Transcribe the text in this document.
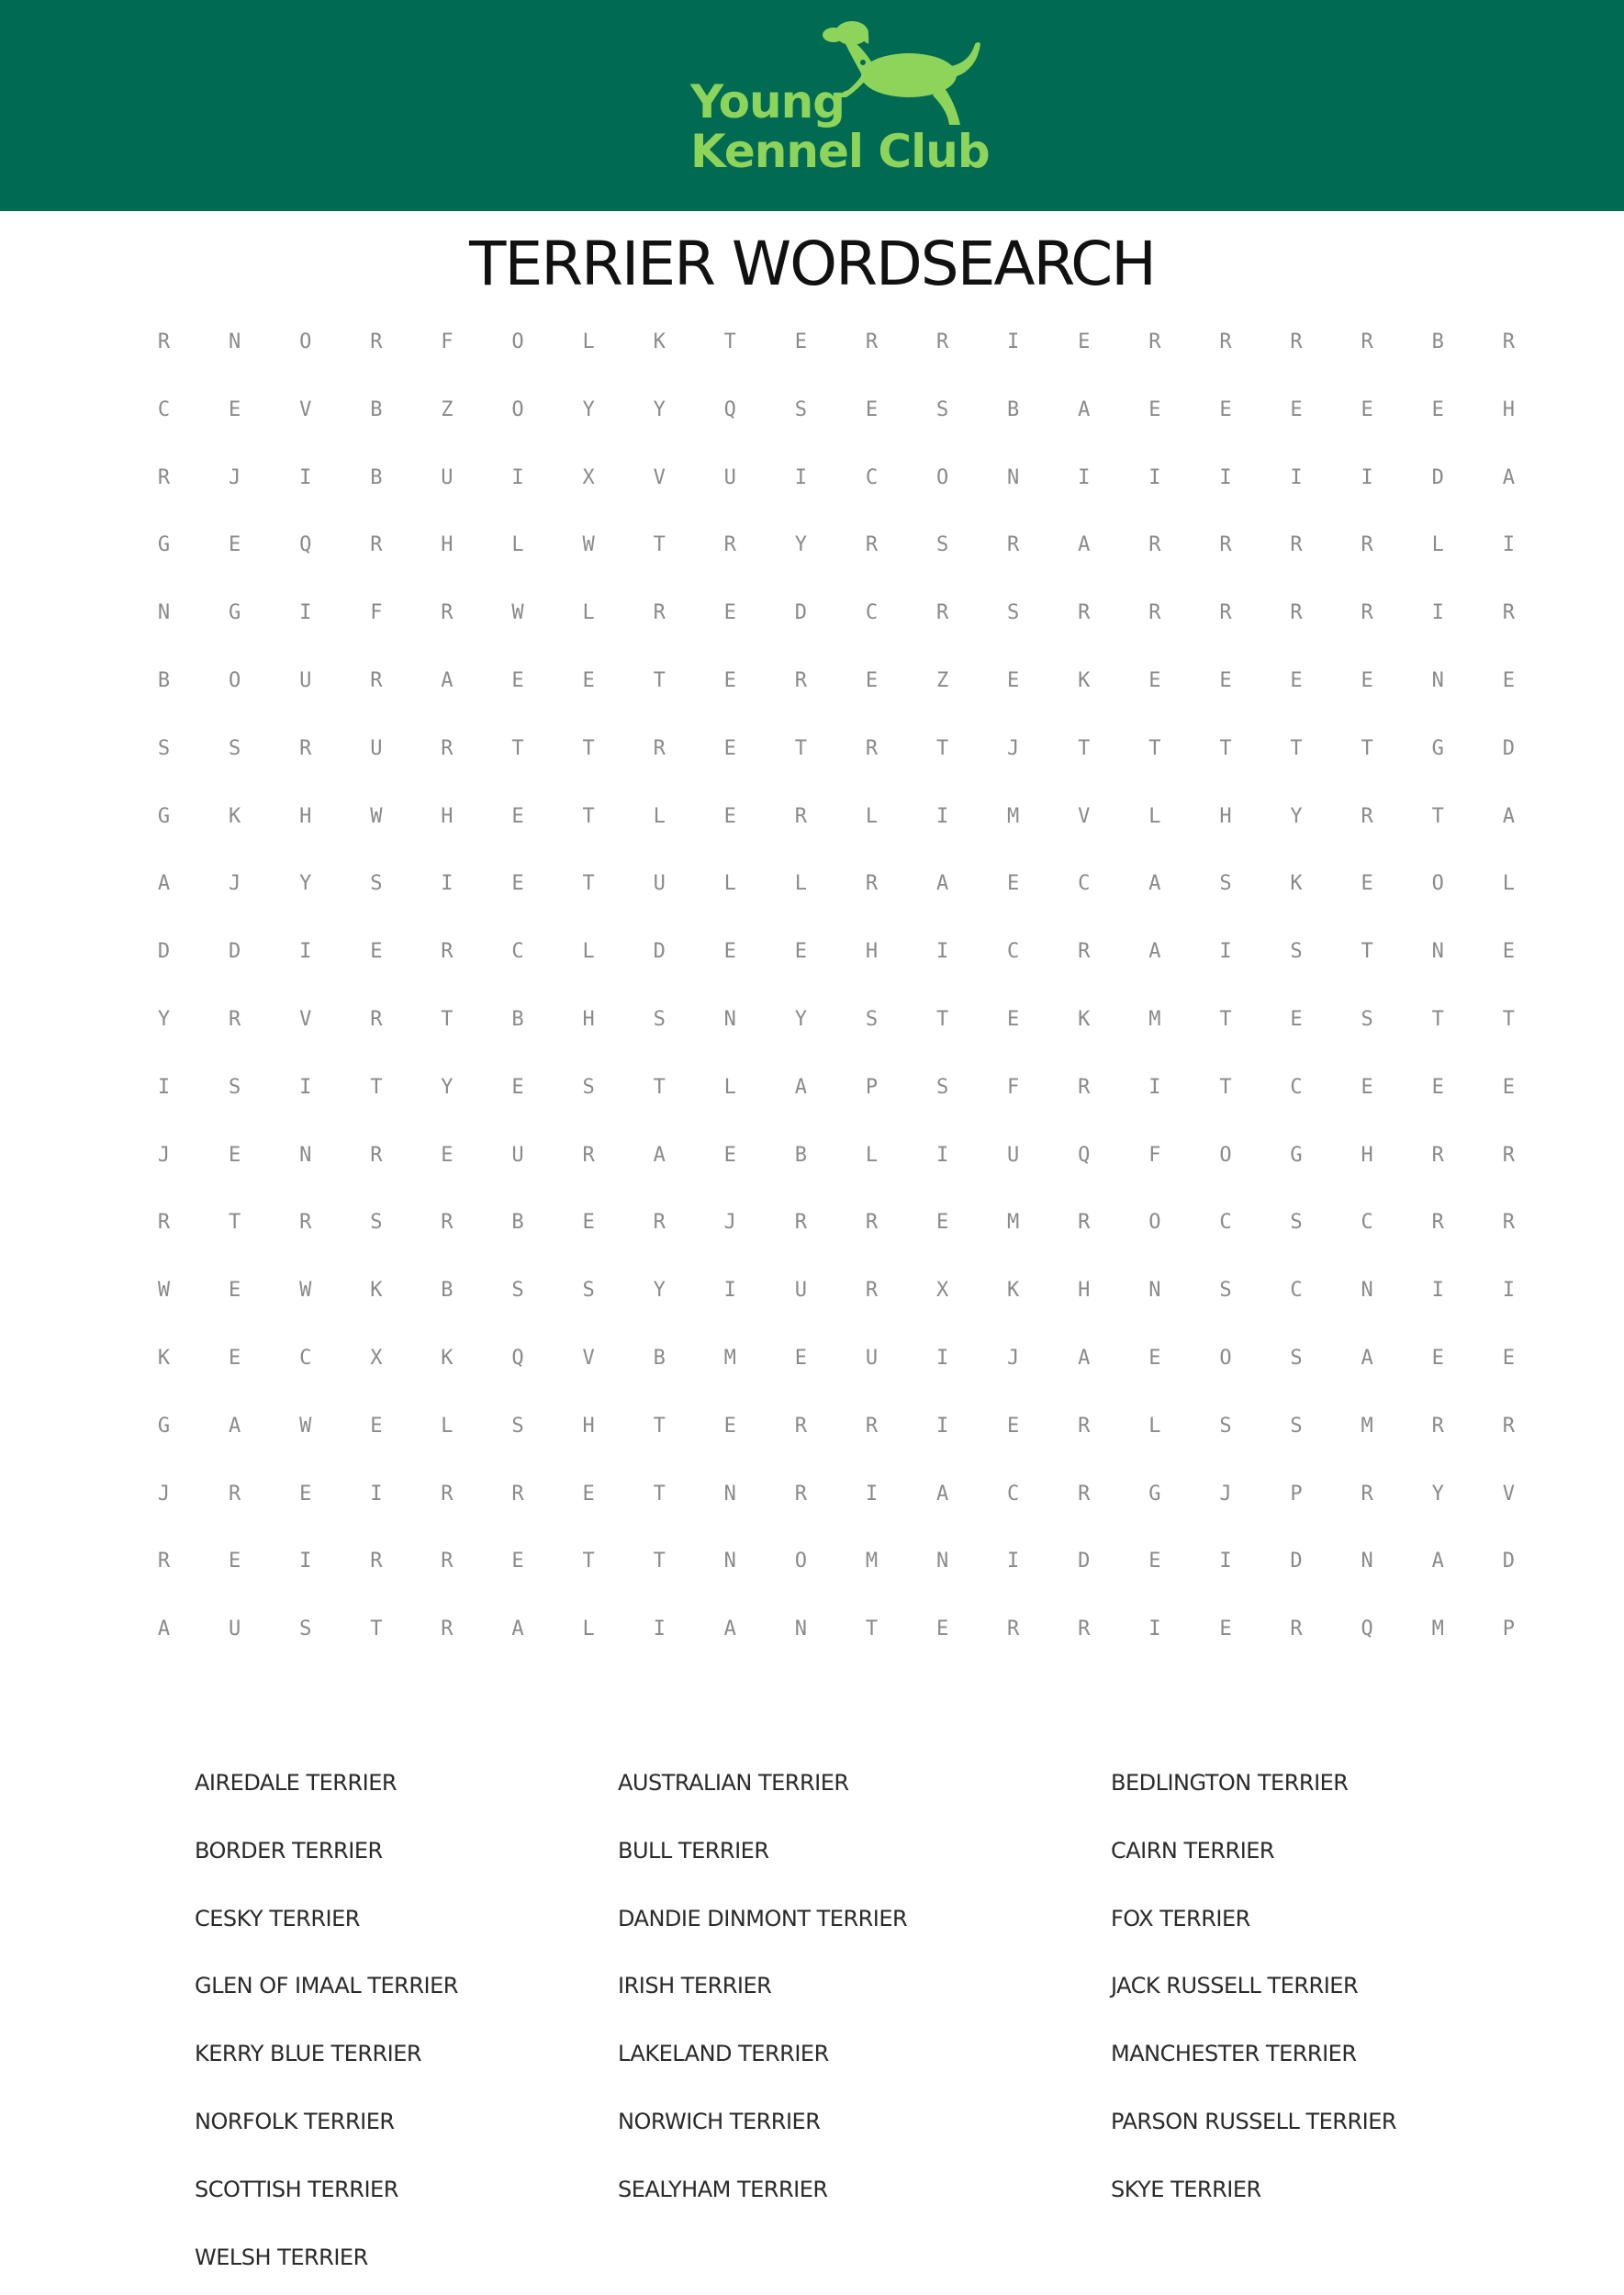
Young
Kennel Club
TERRIER WORDSEARCH
R	N	O	R	F	O	L	K	T	E	R	R	I	E	R	R	R	R	B	R
C	E	V	B	Z	O	Y	Y	Q	S	E	S	B	A	E	E	E	E	E	H
R	J	I	B	U	I	X	V	U	I	C	O	N	I	I	I	I	I	D	A
G	E	Q	R	H	L	W	T	R	Y	R	S	R	A	R	R	R	R	L	I
N	G	I	F	R	W	L	R	E	D	C	R	S	R	R	R	R	R	I	R
B	O	U	R	A	E	E	T	E	R	E	Z	E	K	E	E	E	E	N	E
S	S	R	U	R	T	T	R	E	T	R	T	J	T	T	T	T	T	G	D
G	K	H	W	H	E	T	L	E	R	L	I	M	V	L	H	Y	R	T	A
A	J	Y	S	I	E	T	U	L	L	R	A	E	C	A	S	K	E	O	L
D	D	I	E	R	C	L	D	E	E	H	I	C	R	A	I	S	T	N	E
Y	R	V	R	T	B	H	S	N	Y	S	T	E	K	M	T	E	S	T	T
I	S	I	T	Y	E	S	T	L	A	P	S	F	R	I	T	C	E	E	E
J	E	N	R	E	U	R	A	E	B	L	I	U	Q	F	O	G	H	R	R
R	T	R	S	R	B	E	R	J	R	R	E	M	R	O	C	S	C	R	R
W	E	W	K	B	S	S	Y	I	U	R	X	K	H	N	S	C	N	I	I
K	E	C	X	K	Q	V	B	M	E	U	I	J	A	E	O	S	A	E	E
G	A	W	E	L	S	H	T	E	R	R	I	E	R	L	S	S	M	R	R
J	R	E	I	R	R	E	T	N	R	I	A	C	R	G	J	P	R	Y	V
R	E	I	R	R	E	T	T	N	O	M	N	I	D	E	I	D	N	A	D
A	U	S	T	R	A	L	I	A	N	T	E	R	R	I	E	R	Q	M	P
AIREDALE TERRIER	AUSTRALIAN TERRIER	BEDLINGTON TERRIER
BORDER TERRIER	BULL TERRIER	CAIRN TERRIER
CESKY TERRIER	DANDIE DINMONT TERRIER	FOX TERRIER
GLEN OF IMAAL TERRIER	IRISH TERRIER	JACK RUSSELL TERRIER
KERRY BLUE TERRIER	LAKELAND TERRIER	MANCHESTER TERRIER
NORFOLK TERRIER	NORWICH TERRIER	PARSON RUSSELL TERRIER
SCOTTISH TERRIER	SEALYHAM TERRIER	SKYE TERRIER
WELSH TERRIER
